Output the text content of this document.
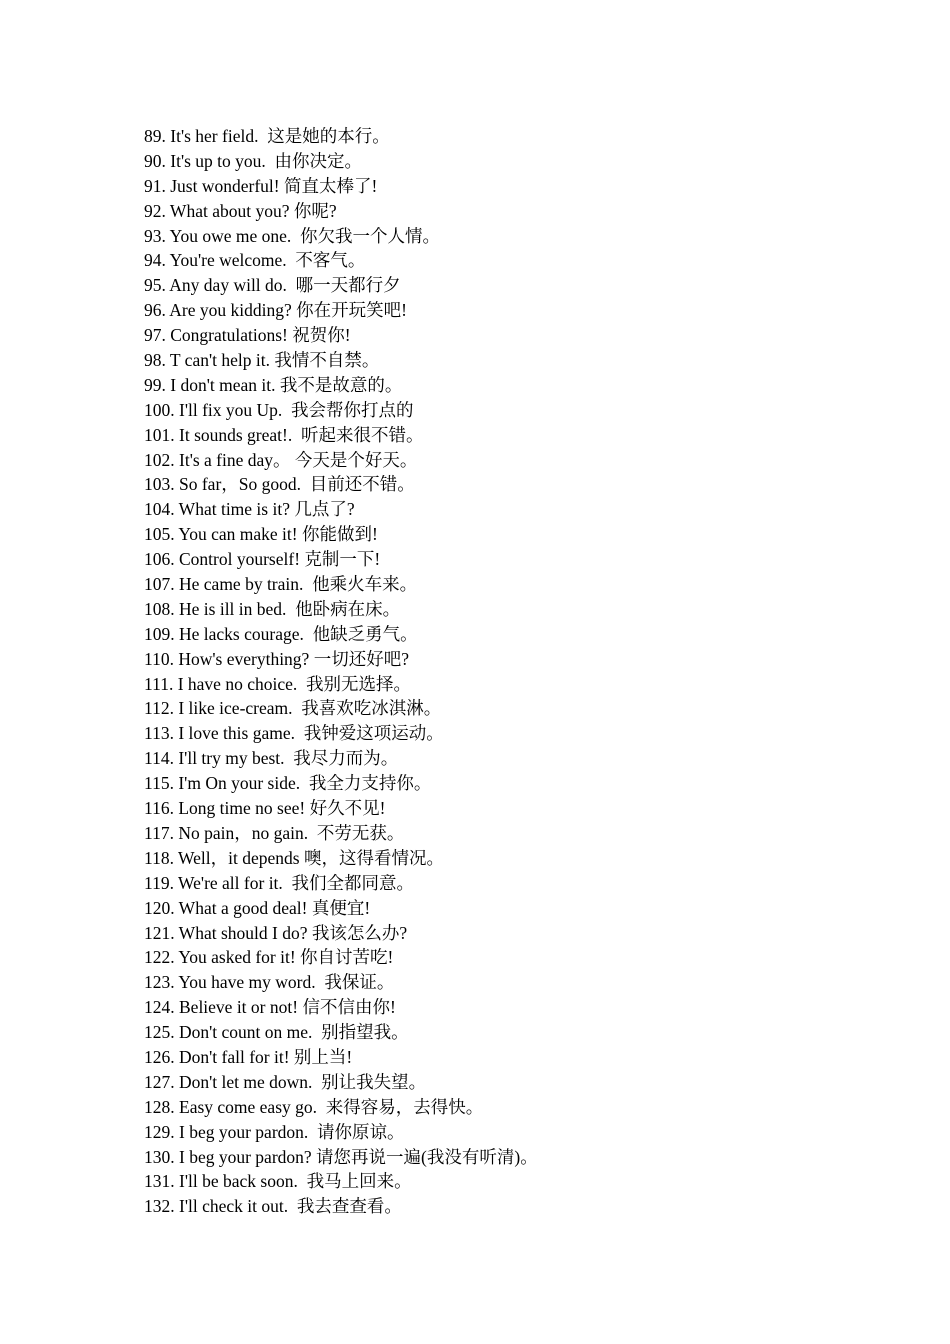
89. It's her field.  这是她的本行。
90. It's up to you.  由你决定。
91. Just wonderful! 简直太棒了!
92. What about you? 你呢?
93. You owe me one.  你欠我一个人情。
94. You're welcome.  不客气。
95. Any day will do.  哪一天都行夕
96. Are you kidding? 你在开玩笑吧!
97. Congratulations! 祝贺你!
98. T can't help it. 我情不自禁。
99. I don't mean it. 我不是故意的。
100. I'll fix you Up.  我会帮你打点的
101. It sounds great!.  听起来很不错。
102. It's a fine day。 今天是个好天。
103. So far，So good.  目前还不错。
104. What time is it? 几点了?
105. You can make it! 你能做到!
106. Control yourself! 克制一下!
107. He came by train.  他乘火车来。
108. He is ill in bed.  他卧病在床。
109. He lacks courage.  他缺乏勇气。
110. How's everything? 一切还好吧?
111. I have no choice.  我别无选择。
112. I like ice-cream.  我喜欢吃冰淇淋。
113. I love this game.  我钟爱这项运动。
114. I'll try my best.  我尽力而为。
115. I'm On your side.  我全力支持你。
116. Long time no see! 好久不见!
117. No pain，no gain.  不劳无获。
118. Well，it depends 噢，这得看情况。
119. We're all for it.  我们全都同意。
120. What a good deal! 真便宜!
121. What should I do? 我该怎么办?
122. You asked for it! 你自讨苦吃!
123. You have my word.  我保证。
124. Believe it or not! 信不信由你!
125. Don't count on me.  别指望我。
126. Don't fall for it! 别上当!
127. Don't let me down.  别让我失望。
128. Easy come easy go.  来得容易，去得快。
129. I beg your pardon.  请你原谅。
130. I beg your pardon? 请您再说一遍(我没有听清)。
131. I'll be back soon.  我马上回来。
132. I'll check it out.  我去查查看。
